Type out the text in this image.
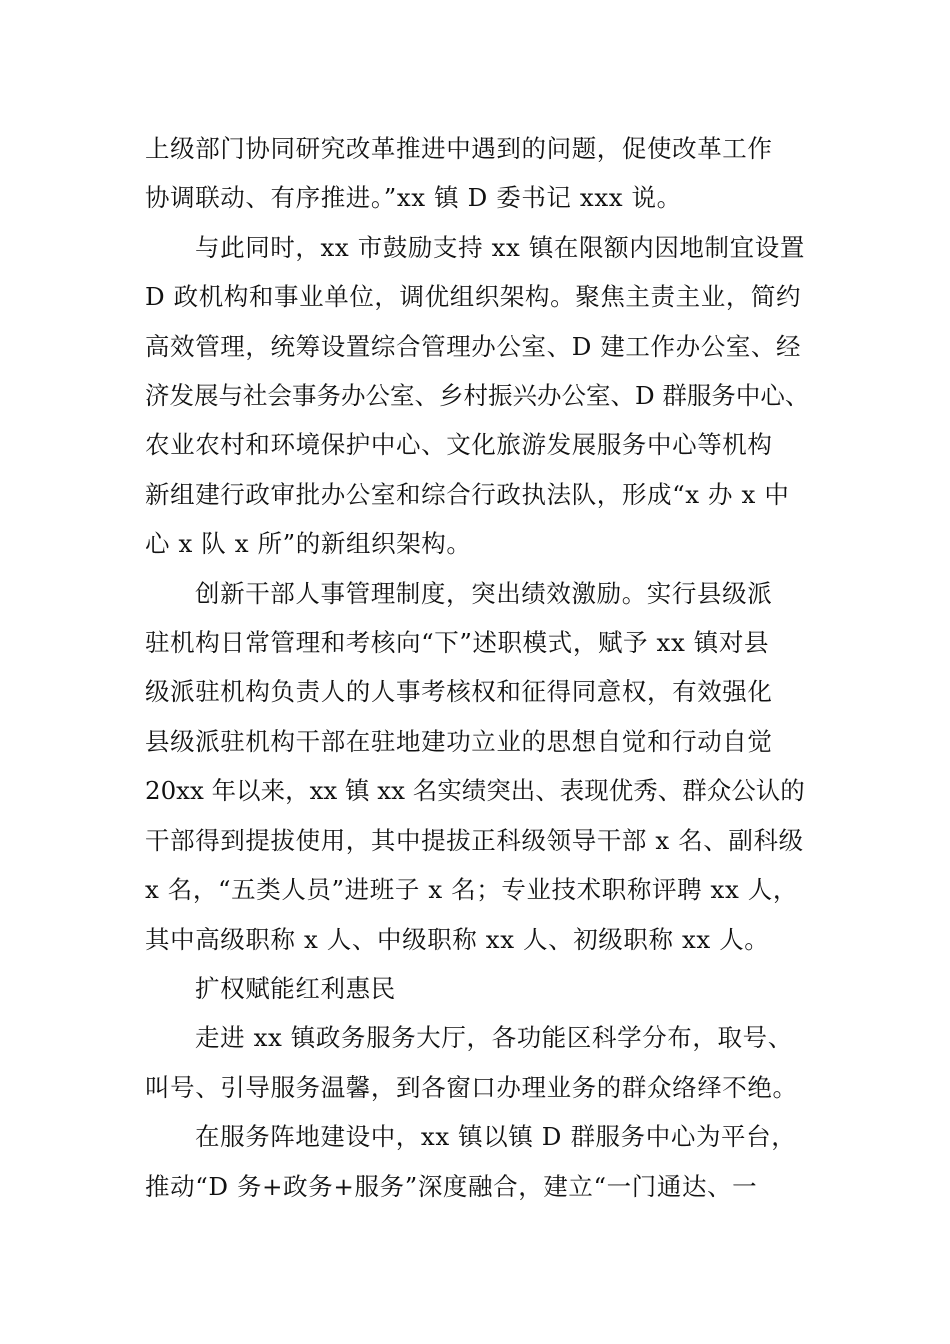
上级部门协同研究改革推进中遇到的问题，促使改革工作
协调联动、有序推进。”xx 镇 D 委书记 xxx 说。
与此同时，xx 市鼓励支持 xx 镇在限额内因地制宜设置
D 政机构和事业单位，调优组织架构。聚焦主责主业，简约
高效管理，统筹设置综合管理办公室、D 建工作办公室、经
济发展与社会事务办公室、乡村振兴办公室、D 群服务中心、
农业农村和环境保护中心、文化旅游发展服务中心等机构
新组建行政审批办公室和综合行政执法队，形成“x 办 x 中
心 x 队 x 所”的新组织架构。
创新干部人事管理制度，突出绩效激励。实行县级派
驻机构日常管理和考核向“下”述职模式，赋予 xx 镇对县
级派驻机构负责人的人事考核权和征得同意权，有效强化
县级派驻机构干部在驻地建功立业的思想自觉和行动自觉
20xx 年以来，xx 镇 xx 名实绩突出、表现优秀、群众公认的
干部得到提拔使用，其中提拔正科级领导干部 x 名、副科级
x 名，“五类人员”进班子 x 名；专业技术职称评聘 xx 人，
其中高级职称 x 人、中级职称 xx 人、初级职称 xx 人。
扩权赋能红利惠民
走进 xx 镇政务服务大厅，各功能区科学分布，取号、
叫号、引导服务温馨，到各窗口办理业务的群众络绎不绝。
在服务阵地建设中，xx 镇以镇 D 群服务中心为平台，
推动“D 务+政务+服务”深度融合，建立“一门通达、一
